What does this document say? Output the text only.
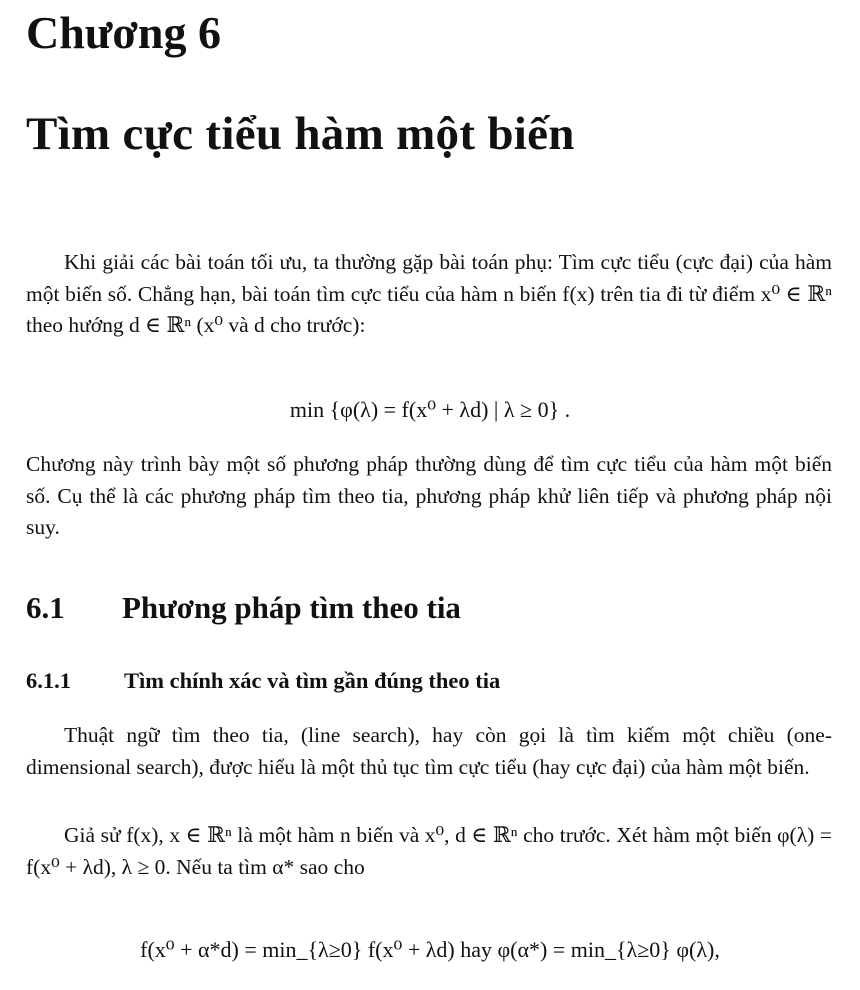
Chương 6
Tìm cực tiểu hàm một biến

Khi giải các bài toán tối ưu, ta thường gặp bài toán phụ: Tìm cực tiểu (cực đại) của hàm một biến số. Chẳng hạn, bài toán tìm cực tiểu của hàm n biến f(x) trên tia đi từ điểm x⁰ ∈ ℝⁿ theo hướng d ∈ ℝⁿ (x⁰ và d cho trước):

min {φ(λ) = f(x⁰ + λd) | λ ≥ 0} .

Chương này trình bày một số phương pháp thường dùng để tìm cực tiểu của hàm một biến số. Cụ thể là các phương pháp tìm theo tia, phương pháp khử liên tiếp và phương pháp nội suy.

6.1 Phương pháp tìm theo tia
6.1.1 Tìm chính xác và tìm gần đúng theo tia

Thuật ngữ tìm theo tia, (line search), hay còn gọi là tìm kiếm một chiều (one-dimensional search), được hiểu là một thủ tục tìm cực tiểu (hay cực đại) của hàm một biến.

Giả sử f(x), x ∈ ℝⁿ là một hàm n biến và x⁰, d ∈ ℝⁿ cho trước. Xét hàm một biến φ(λ) = f(x⁰ + λd), λ ≥ 0. Nếu ta tìm α* sao cho

f(x⁰ + α*d) = min_{λ≥0} f(x⁰ + λd) hay φ(α*) = min_{λ≥0} φ(λ),
